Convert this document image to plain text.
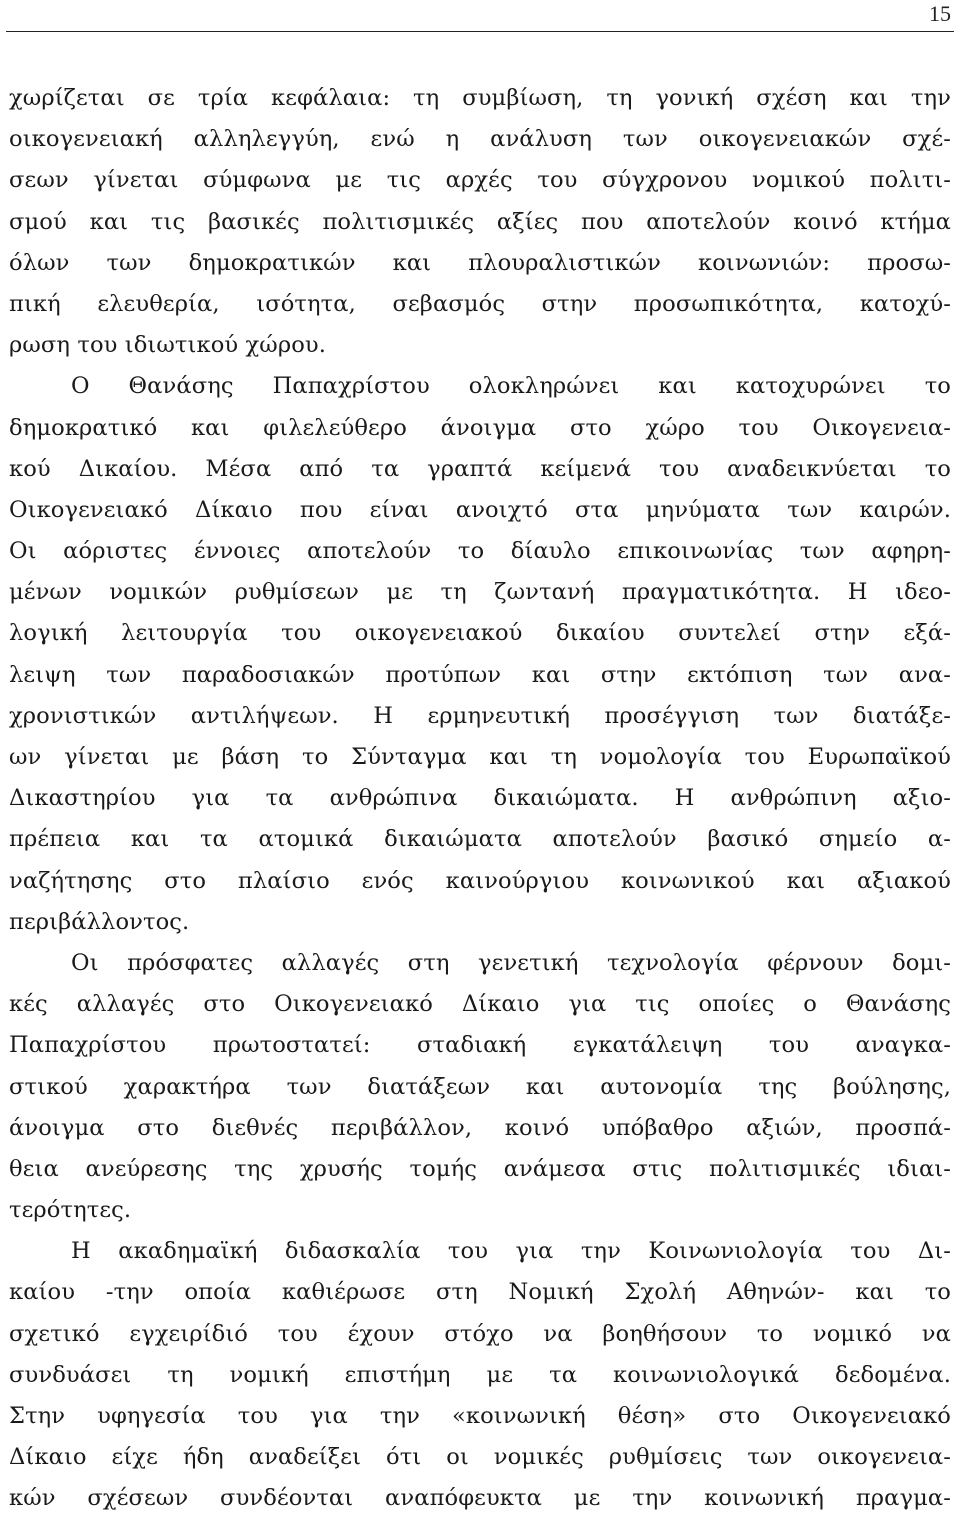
15
χωρίζεται σε τρία κεφάλαια: τη συμβίωση, τη γονική σχέση και την
οικογενειακή αλληλεγγύη, ενώ η ανάλυση των οικογενειακών σχέ-
σεων γίνεται σύμφωνα με τις αρχές του σύγχρονου νομικού πολιτι-
σμού και τις βασικές πολιτισμικές αξίες που αποτελούν κοινό κτήμα
όλων των δημοκρατικών και πλουραλιστικών κοινωνιών: προσω-
πική ελευθερία, ισότητα, σεβασμός στην προσωπικότητα, κατοχύ-
ρωση του ιδιωτικού χώρου.
Ο Θανάσης Παπαχρίστου ολοκληρώνει και κατοχυρώνει το
δημοκρατικό και φιλελεύθερο άνοιγμα στο χώρο του Οικογενεια-
κού Δικαίου. Μέσα από τα γραπτά κείμενά του αναδεικνύεται το
Οικογενειακό Δίκαιο που είναι ανοιχτό στα μηνύματα των καιρών.
Οι αόριστες έννοιες αποτελούν το δίαυλο επικοινωνίας των αφηρη-
μένων νομικών ρυθμίσεων με τη ζωντανή πραγματικότητα. Η ιδεο-
λογική λειτουργία του οικογενειακού δικαίου συντελεί στην εξά-
λειψη των παραδοσιακών προτύπων και στην εκτόπιση των ανα-
χρονιστικών αντιλήψεων. Η ερμηνευτική προσέγγιση των διατάξε-
ων γίνεται με βάση το Σύνταγμα και τη νομολογία του Ευρωπαϊκού
Δικαστηρίου για τα ανθρώπινα δικαιώματα. Η ανθρώπινη αξιο-
πρέπεια και τα ατομικά δικαιώματα αποτελούν βασικό σημείο α-
ναζήτησης στο πλαίσιο ενός καινούργιου κοινωνικού και αξιακού
περιβάλλοντος.
Οι πρόσφατες αλλαγές στη γενετική τεχνολογία φέρνουν δομι-
κές αλλαγές στο Οικογενειακό Δίκαιο για τις οποίες ο Θανάσης
Παπαχρίστου πρωτοστατεί: σταδιακή εγκατάλειψη του αναγκα-
στικού χαρακτήρα των διατάξεων και αυτονομία της βούλησης,
άνοιγμα στο διεθνές περιβάλλον, κοινό υπόβαθρο αξιών, προσπά-
θεια ανεύρεσης της χρυσής τομής ανάμεσα στις πολιτισμικές ιδιαι-
τερότητες.
Η ακαδημαϊκή διδασκαλία του για την Κοινωνιολογία του Δι-
καίου -την οποία καθιέρωσε στη Νομική Σχολή Αθηνών- και το
σχετικό εγχειρίδιό του έχουν στόχο να βοηθήσουν το νομικό να
συνδυάσει τη νομική επιστήμη με τα κοινωνιολογικά δεδομένα.
Στην υφηγεσία του για την «κοινωνική θέση» στο Οικογενειακό
Δίκαιο είχε ήδη αναδείξει ότι οι νομικές ρυθμίσεις των οικογενεια-
κών σχέσεων συνδέονται αναπόφευκτα με την κοινωνική πραγμα-
